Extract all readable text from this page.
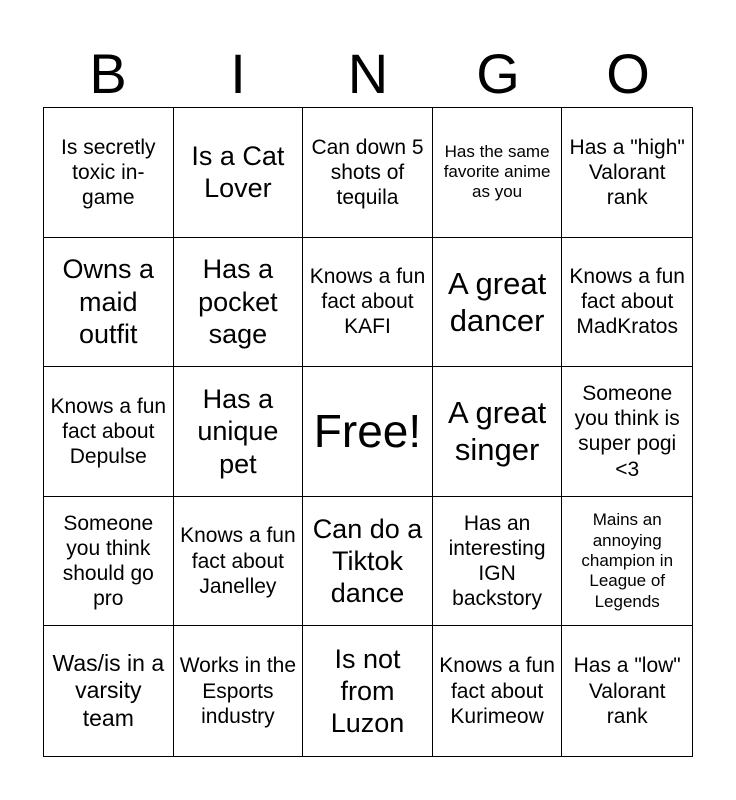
B	I	N	G	O
Is secretly toxic in-game
Is a Cat Lover
Can down 5 shots of tequila
Has the same favorite anime as you
Has a "high" Valorant rank
Owns a maid outfit
Has a pocket sage
Knows a fun fact about KAFI
A great dancer
Knows a fun fact about MadKratos
Knows a fun fact about Depulse
Has a unique pet
Free! A great singer
Someone you think is super pogi <3
Someone you think should go pro
Knows a fun fact about Janelley
Can do a Tiktok dance
Has an interesting IGN backstory
Mains an annoying champion in League of Legends
Was/is in a varsity team
Works in the Esports industry
Is not from Luzon
Knows a fun fact about Kurimeow
Has a "low" Valorant rank
